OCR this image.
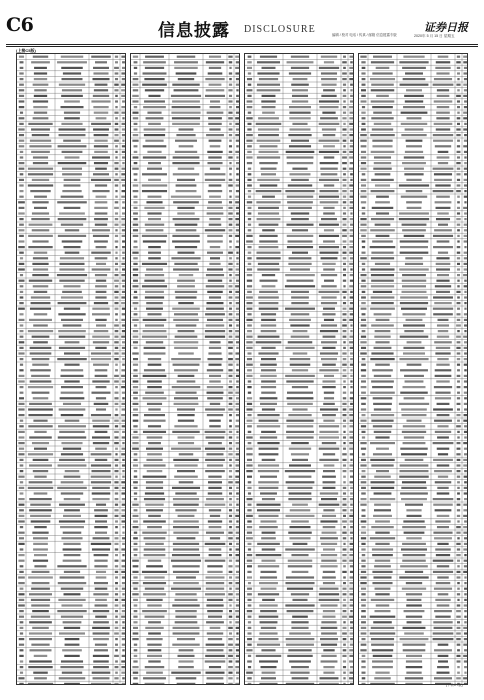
C6	信息披露 DISCLOSURE	编辑 / 校对 电话 / 传真 / 邮箱 信息披露专版
证券日报
2020年 5 月 15 日 星期五
(上接C5版)
(下转C7版)
